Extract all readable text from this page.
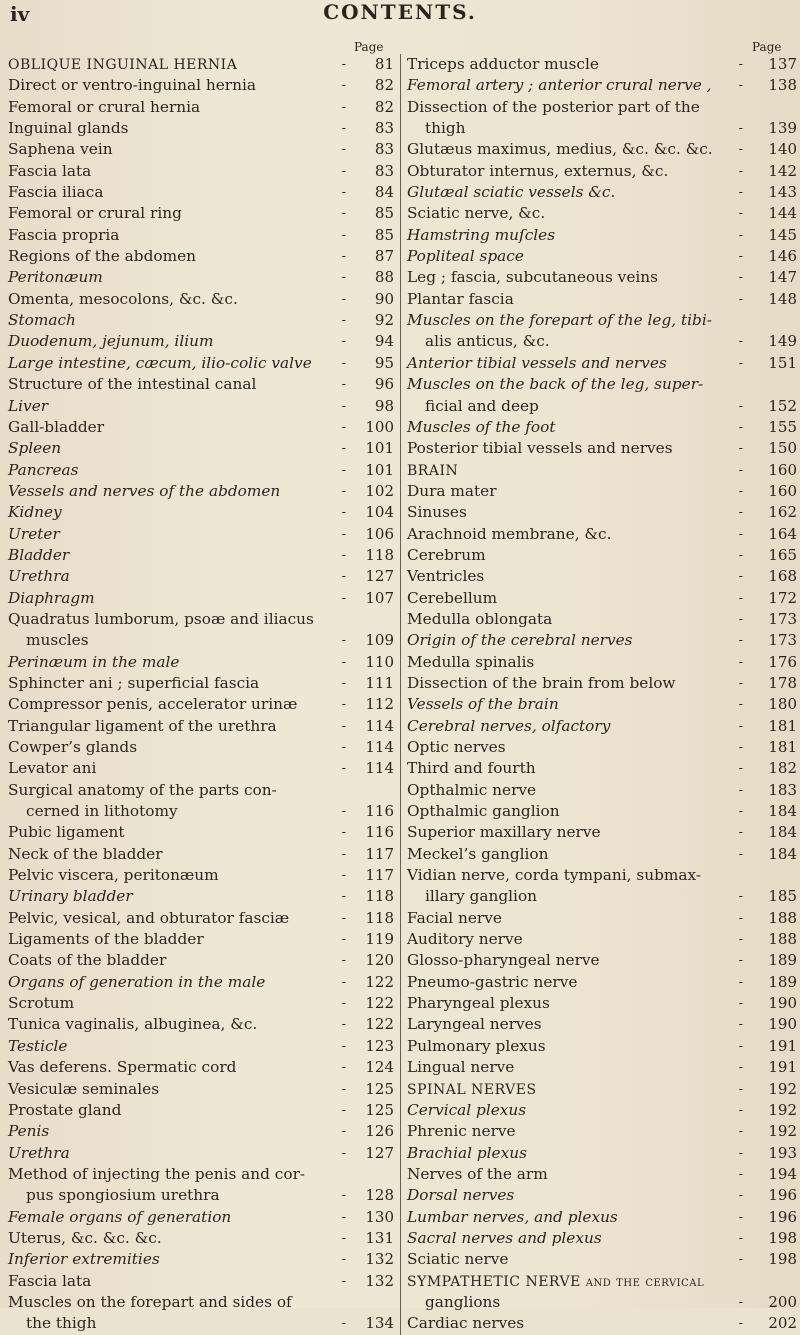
iv	CONTENTS.
Page	Page
OBLIQUE INGUINAL HERNIA	-	81
Direct or ventro-inguinal hernia	-	82
Femoral or crural hernia	-	82
Inguinal glands	-	83
Saphena vein	-	83
Fascia lata	-	83
Fascia iliaca	-	84
Femoral or crural ring	-	85
Fascia propria	-	85
Regions of the abdomen	-	87
Peritonæum	-	88
Omenta, mesocolons, &c. &c.	-	90
Stomach	-	92
Duodenum, jejunum, ilium	-	94
Large intestine, cæcum, ilio-colic valve -	95
Structure of the intestinal canal	-	96
Liver	-	98
Gall-bladder	-	100
Spleen	-	101
Pancreas	-	101
Vessels and nerves of the abdomen	-	102
Kidney	-	104
Ureter	-	106
Bladder	-	118
Urethra	-	127
Diaphragm	-	107
Quadratus lumborum, psoæ and iliacus
muscles	-	109
Perinæum in the male	-	110
Sphincter ani ; superficial fascia	-	111
Compressor penis, accelerator urinæ	-	112
Triangular ligament of the urethra	-	114
Cowper’s glands	-	114
Levator ani	-	114
Surgical anatomy of the parts con-
cerned in lithotomy	-	116
Pubic ligament	-	116
Neck of the bladder	-	117
Pelvic viscera, peritonæum	-	117
Urinary bladder	-	118
Pelvic, vesical, and obturator fasciæ	-	118
Ligaments of the bladder	-	119
Coats of the bladder	-	120
Organs of generation in the male	-	122
Scrotum	-	122
Tunica vaginalis, albuginea, &c.	-	122
Testicle	-	123
Vas deferens. Spermatic cord	-	124
Vesiculæ seminales	-	125
Prostate gland	-	125
Penis	-	126
Urethra	-	127
Method of injecting the penis and cor-
pus spongiosium urethra	-	128
Female organs of generation	-	130
Uterus, &c. &c. &c.	-	131
Inferior extremities	-	132
Fascia lata	-	132
Muscles on the forepart and sides of
the thigh	-	134
Triceps adductor muscle	-	137
Femoral artery ; anterior crural nerve , -	138
Dissection of the posterior part of the
thigh	-	139
Glutæus maximus, medius, &c. &c. &c. -	140
Obturator internus, externus, &c.	-	142
Glutæal sciatic vessels &c.	-	143
Sciatic nerve, &c.	-	144
Hamstring muſcles	-	145
Popliteal space	-	146
Leg ; fascia, subcutaneous veins	-	147
Plantar fascia	-	148
Muscles on the forepart of the leg, tibi-
alis anticus, &c.	-	149
Anterior tibial vessels and nerves	-	151
Muscles on the back of the leg, super-
ficial and deep	-	152
Muscles of the foot	-	155
Posterior tibial vessels and nerves	-	150
BRAIN	-	160
Dura mater	-	160
Sinuses	-	162
Arachnoid membrane, &c.	-	164
Cerebrum	-	165
Ventricles	-	168
Cerebellum	-	172
Medulla oblongata	-	173
Origin of the cerebral nerves	-	173
Medulla spinalis	-	176
Dissection of the brain from below	-	178
Vessels of the brain	-	180
Cerebral nerves, olfactory	-	181
Optic nerves	-	181
Third and fourth	-	182
Opthalmic nerve	-	183
Opthalmic ganglion	-	184
Superior maxillary nerve	-	184
Meckel’s ganglion	-	184
Vidian nerve, corda tympani, submax-
illary ganglion	-	185
Facial nerve	-	188
Auditory nerve	-	188
Glosso-pharyngeal nerve	-	189
Pneumo-gastric nerve	-	189
Pharyngeal plexus	-	190
Laryngeal nerves	-	190
Pulmonary plexus	-	191
Lingual nerve	-	191
SPINAL NERVES	-	192
Cervical plexus	-	192
Phrenic nerve	-	192
Brachial plexus	-	193
Nerves of the arm	-	194
Dorsal nerves	-	196
Lumbar nerves, and plexus	-	196
Sacral nerves and plexus	-	198
Sciatic nerve	-	198
SYMPATHETIC NERVE and the cervical
ganglions	-	200
Cardiac nerves	-	202
